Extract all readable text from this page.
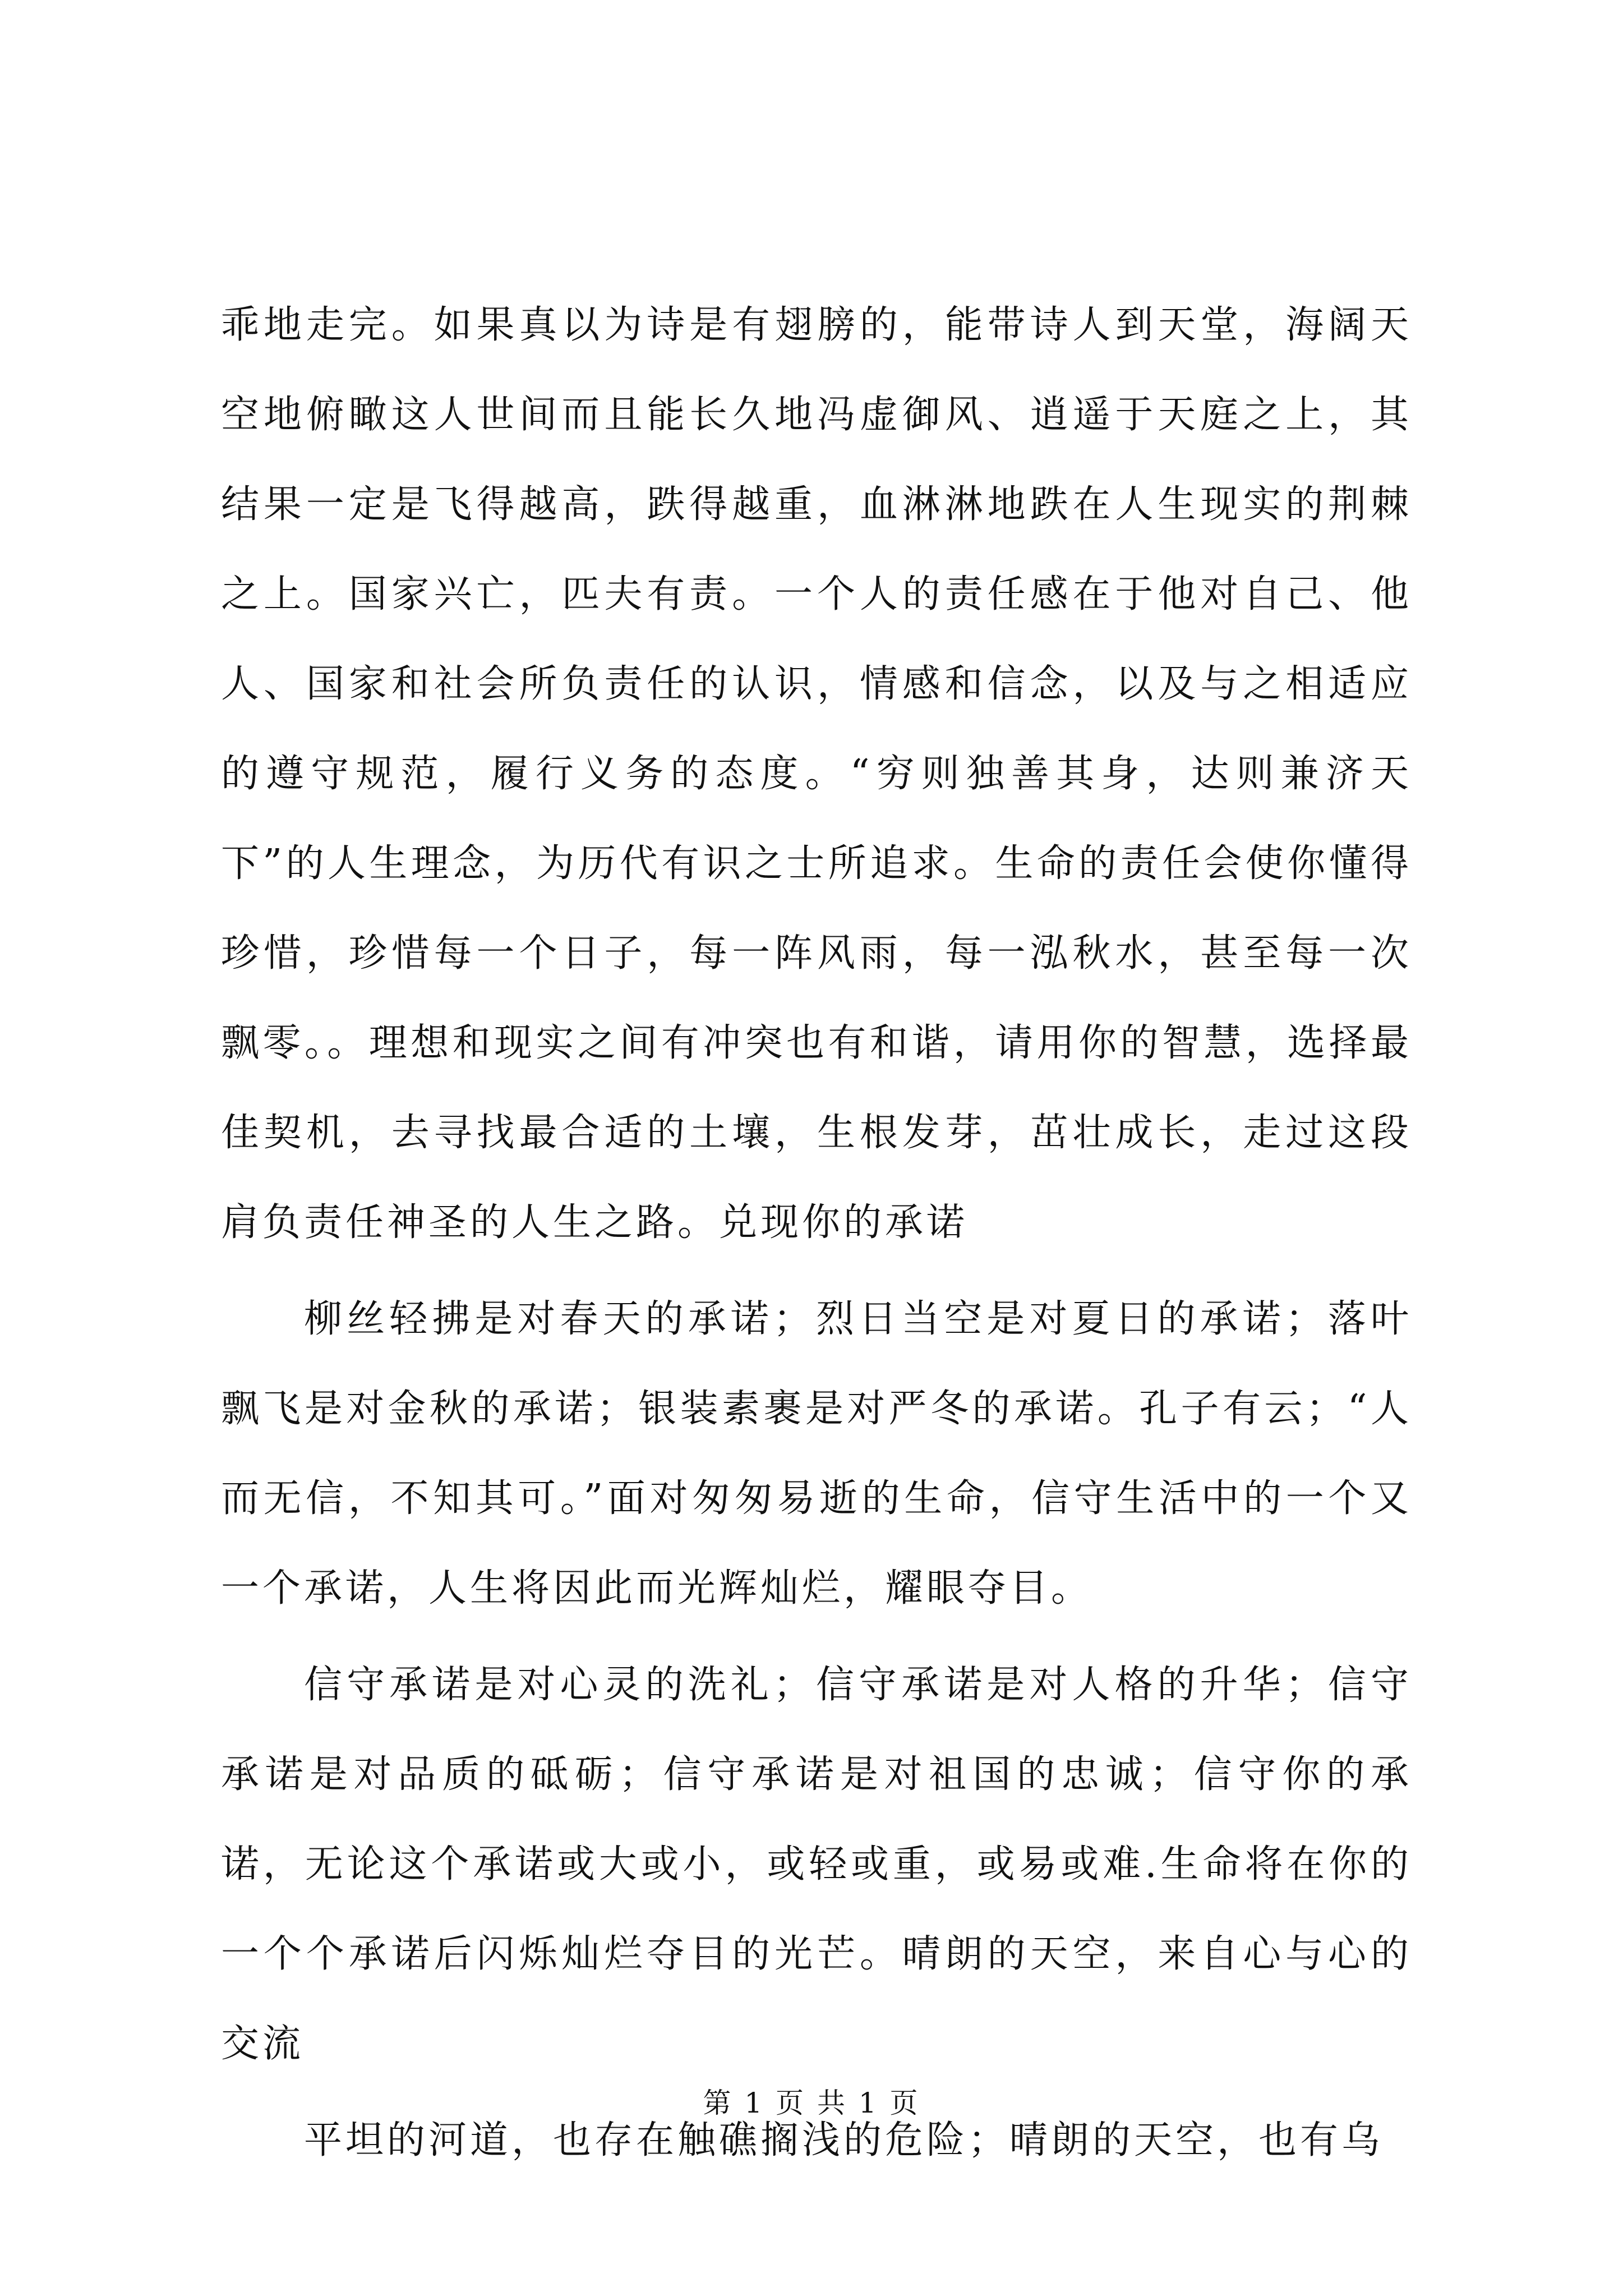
乖地走完。如果真以为诗是有翅膀的，能带诗人到天堂，海阔天空地俯瞰这人世间而且能长久地冯虚御风、逍遥于天庭之上，其结果一定是飞得越高，跌得越重，血淋淋地跌在人生现实的荆棘之上。国家兴亡，匹夫有责。一个人的责任感在于他对自己、他人、国家和社会所负责任的认识，情感和信念，以及与之相适应的遵守规范，履行义务的态度。“穷则独善其身，达则兼济天下”的人生理念，为历代有识之士所追求。生命的责任会使你懂得珍惜，珍惜每一个日子，每一阵风雨，每一泓秋水，甚至每一次飘零。。理想和现实之间有冲突也有和谐，请用你的智慧，选择最佳契机，去寻找最合适的土壤，生根发芽，茁壮成长，走过这段肩负责任神圣的人生之路。兑现你的承诺

柳丝轻拂是对春天的承诺；烈日当空是对夏日的承诺；落叶飘飞是对金秋的承诺；银装素裹是对严冬的承诺。孔子有云；“人而无信，不知其可。”面对匆匆易逝的生命，信守生活中的一个又一个承诺，人生将因此而光辉灿烂，耀眼夺目。

信守承诺是对心灵的洗礼；信守承诺是对人格的升华；信守承诺是对品质的砥砺；信守承诺是对祖国的忠诚；信守你的承诺，无论这个承诺或大或小，或轻或重，或易或难.生命将在你的一个个承诺后闪烁灿烂夺目的光芒。晴朗的天空，来自心与心的交流

平坦的河道，也存在触礁搁浅的危险；晴朗的天空，也有乌

第 1 页 共 1 页
